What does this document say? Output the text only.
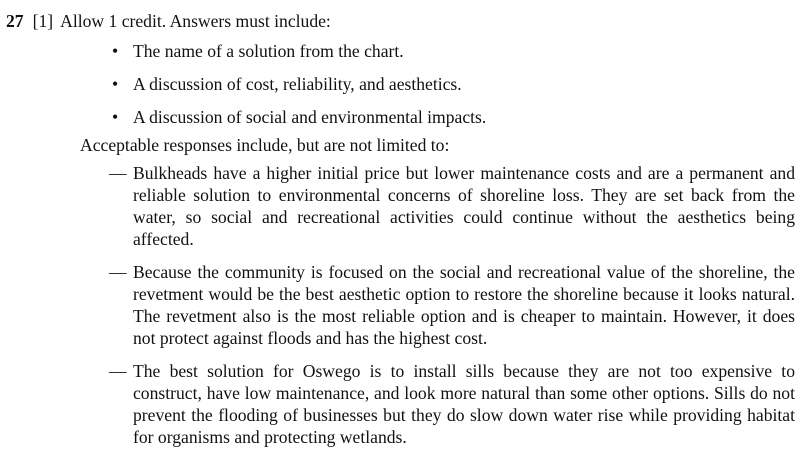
27 [1] Allow 1 credit. Answers must include:
• The name of a solution from the chart.
• A discussion of cost, reliability, and aesthetics.
• A discussion of social and environmental impacts.
Acceptable responses include, but are not limited to:
— Bulkheads have a higher initial price but lower maintenance costs and are a permanent and reliable solution to environmental concerns of shoreline loss. They are set back from the water, so social and recreational activities could continue without the aesthetics being affected.
— Because the community is focused on the social and recreational value of the shoreline, the revetment would be the best aesthetic option to restore the shoreline because it looks natural. The revetment also is the most reliable option and is cheaper to maintain. However, it does not protect against floods and has the highest cost.
— The best solution for Oswego is to install sills because they are not too expensive to construct, have low maintenance, and look more natural than some other options. Sills do not prevent the flooding of businesses but they do slow down water rise while providing habitat for organisms and protecting wetlands.
